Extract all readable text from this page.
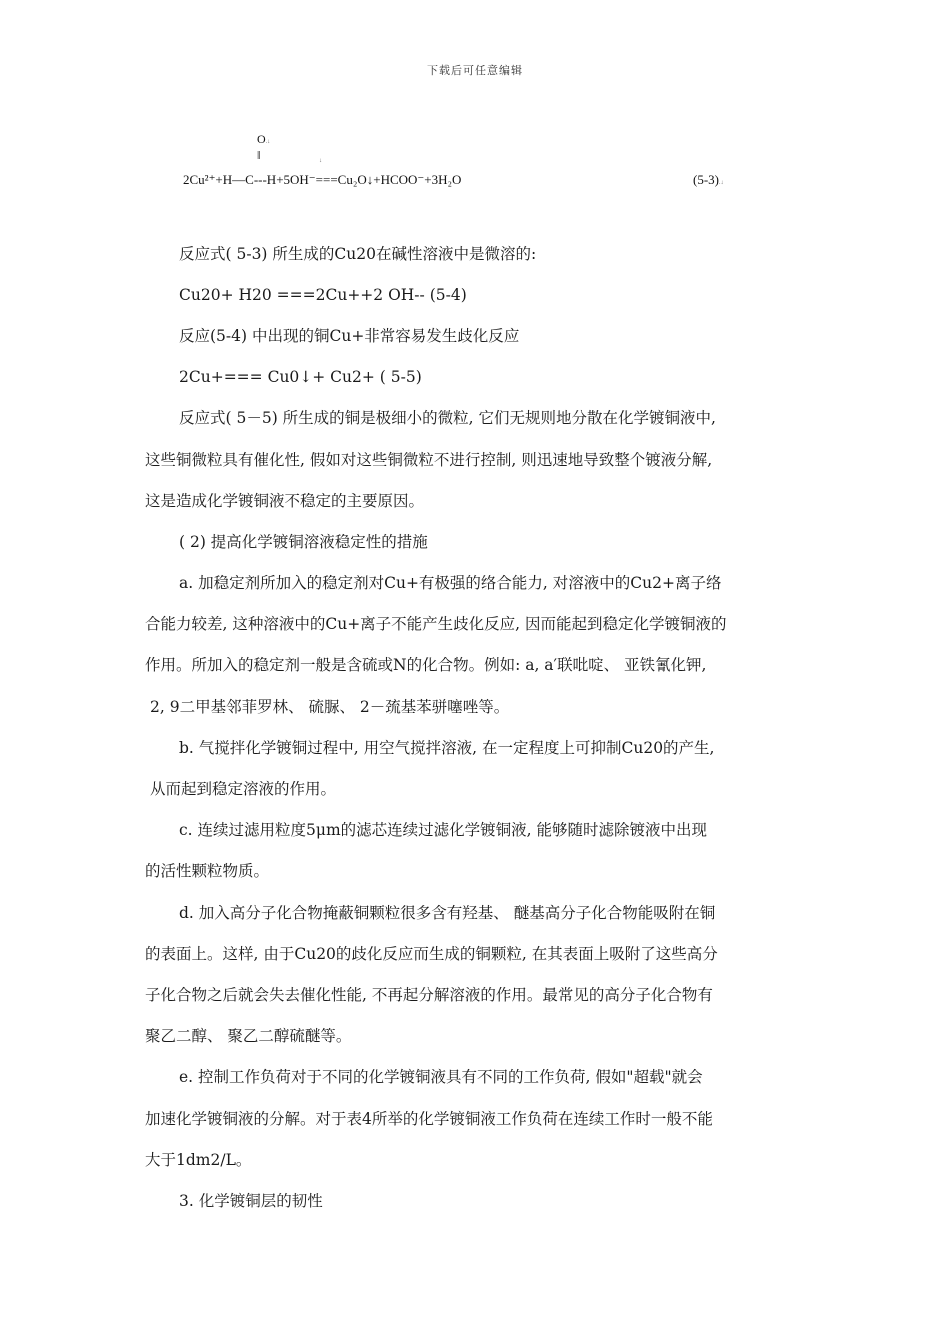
下载后可任意编辑
O.↓
‖	↓
2Cu²⁺+H—C---H+5OH⁻===Cu₂O↓+HCOO⁻+3H₂O	(5-3).↓
反应式( 5-3) 所生成的Cu20在碱性溶液中是微溶的:
Cu20+ H20 ===2Cu++2 OH-- (5-4)
反应(5-4) 中出现的铜Cu+非常容易发生歧化反应
2Cu+=== Cu0↓+ Cu2+ ( 5-5)
反应式( 5－5) 所生成的铜是极细小的微粒, 它们无规则地分散在化学镀铜液中,
这些铜微粒具有催化性, 假如对这些铜微粒不进行控制, 则迅速地导致整个镀液分解,
这是造成化学镀铜液不稳定的主要原因。
( 2) 提高化学镀铜溶液稳定性的措施
a. 加稳定剂所加入的稳定剂对Cu+有极强的络合能力, 对溶液中的Cu2+离子络
合能力较差, 这种溶液中的Cu+离子不能产生歧化反应, 因而能起到稳定化学镀铜液的
作用。所加入的稳定剂一般是含硫或N的化合物。例如: a, a′联吡啶、 亚铁氰化钾,
2, 9二甲基邻菲罗林、 硫脲、 2－巯基苯骈噻唑等。
b. 气搅拌化学镀铜过程中, 用空气搅拌溶液, 在一定程度上可抑制Cu20的产生,
从而起到稳定溶液的作用。
c. 连续过滤用粒度5μm的滤芯连续过滤化学镀铜液, 能够随时滤除镀液中出现
的活性颗粒物质。
d. 加入高分子化合物掩蔽铜颗粒很多含有羟基、 醚基高分子化合物能吸附在铜
的表面上。这样, 由于Cu20的歧化反应而生成的铜颗粒, 在其表面上吸附了这些高分
子化合物之后就会失去催化性能, 不再起分解溶液的作用。最常见的高分子化合物有
聚乙二醇、 聚乙二醇硫醚等。
e. 控制工作负荷对于不同的化学镀铜液具有不同的工作负荷, 假如"超载"就会
加速化学镀铜液的分解。对于表4所举的化学镀铜液工作负荷在连续工作时一般不能
大于1dm2/L。
3. 化学镀铜层的韧性
